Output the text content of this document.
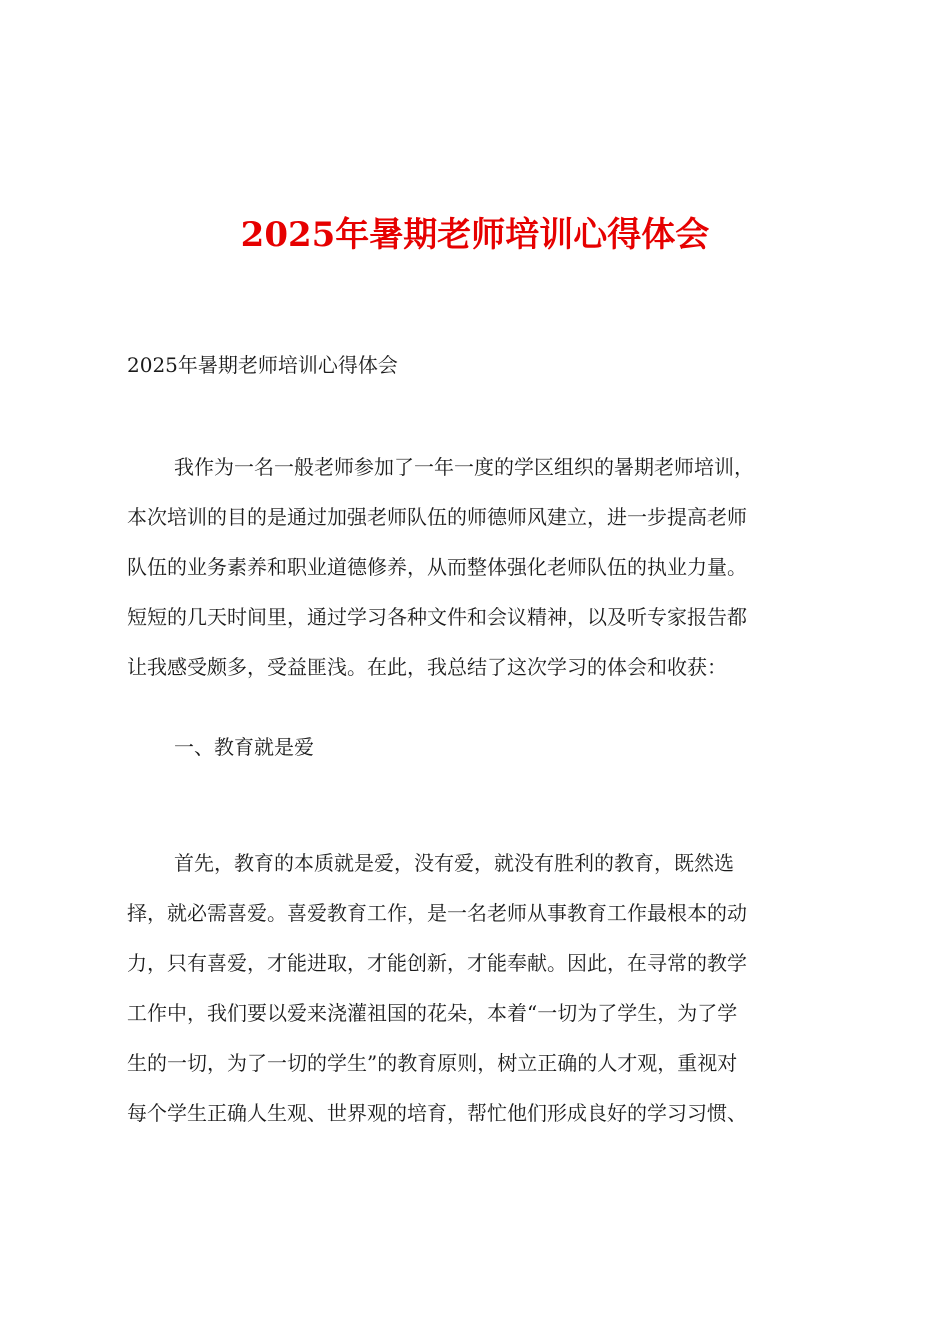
2025年暑期老师培训心得体会
2025年暑期老师培训心得体会
我作为一名一般老师参加了一年一度的学区组织的暑期老师培训，
本次培训的目的是通过加强老师队伍的师德师风建立，进一步提高老师
队伍的业务素养和职业道德修养，从而整体强化老师队伍的执业力量。
短短的几天时间里，通过学习各种文件和会议精神，以及听专家报告都
让我感受颇多，受益匪浅。在此，我总结了这次学习的体会和收获：
一、教育就是爱
首先，教育的本质就是爱，没有爱，就没有胜利的教育，既然选
择，就必需喜爱。喜爱教育工作，是一名老师从事教育工作最根本的动
力，只有喜爱，才能进取，才能创新，才能奉献。因此，在寻常的教学
工作中，我们要以爱来浇灌祖国的花朵，本着“一切为了学生，为了学
生的一切，为了一切的学生”的教育原则，树立正确的人才观，重视对
每个学生正确人生观、世界观的培育，帮忙他们形成良好的学习习惯、
